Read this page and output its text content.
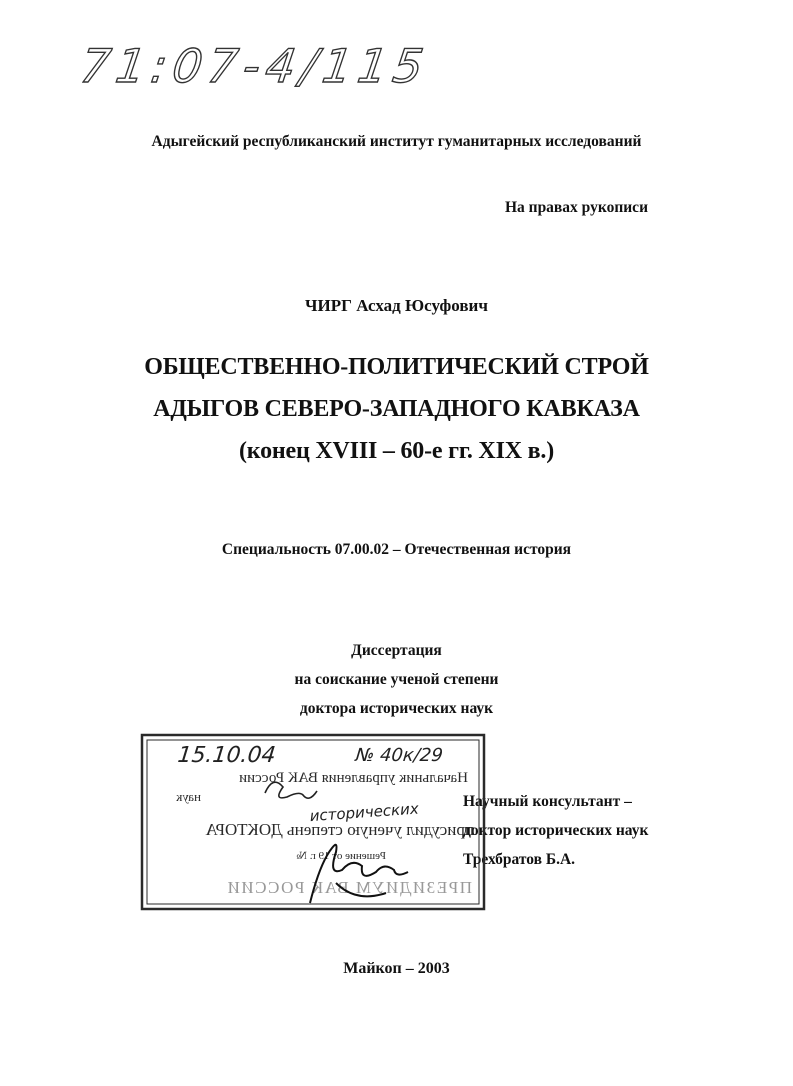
71:07-4/115
Адыгейский республиканский институт гуманитарных исследований
На правах рукописи
ЧИРГ Асхад Юсуфович
ОБЩЕСТВЕННО-ПОЛИТИЧЕСКИЙ СТРОЙ
АДЫГОВ СЕВЕРО-ЗАПАДНОГО КАВКАЗА
(конец XVIII – 60-е гг. XIX в.)
Специальность 07.00.02 – Отечественная история
Диссертация
на соискание ученой степени
доктора исторических наук
Научный консультант –
доктор исторических наук
Трехбратов Б.А.
15.10.04	№ 40к/29
Начальник управления ВАК России
наук
присудил ученую степень ДОКТОРА
Решение от 19 г. №
ПРЕЗИДИУМ ВАК РОССИИ
исторических
Майкоп – 2003
